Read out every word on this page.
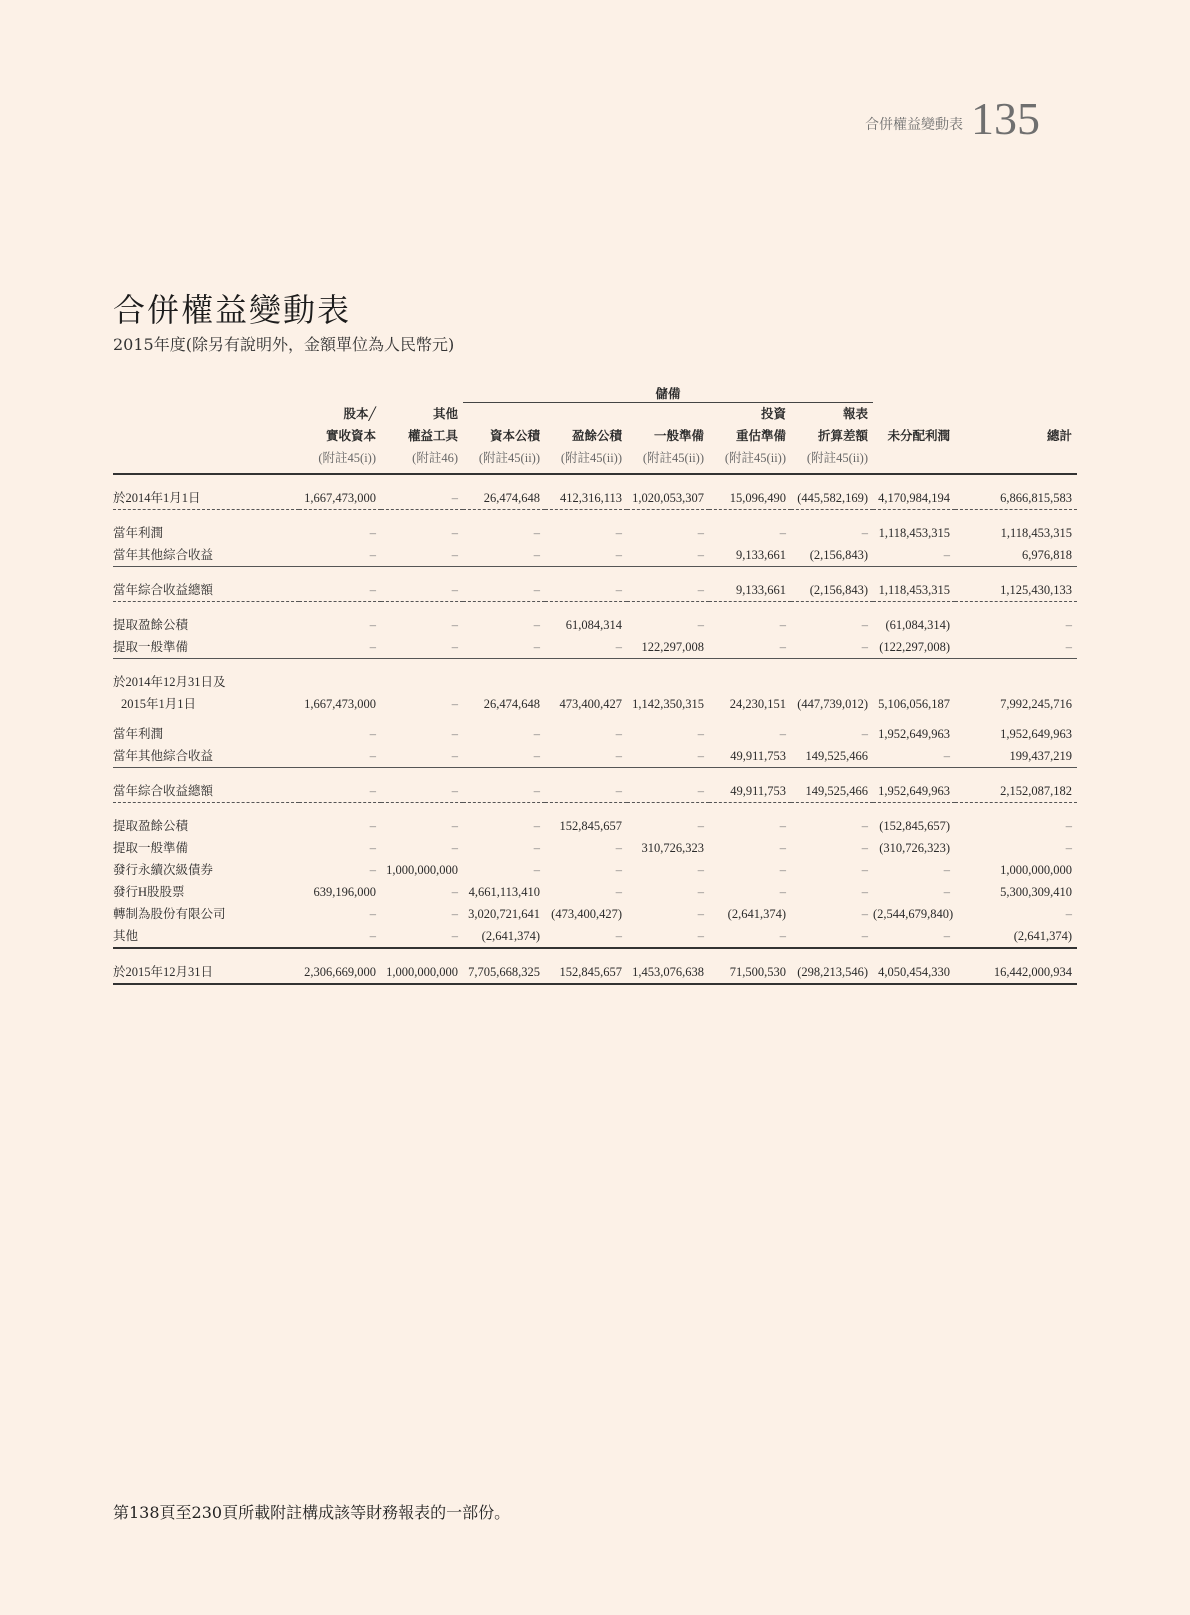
合併權益變動表 135
合併權益變動表
2015年度(除另有說明外，金額單位為人民幣元)
			儲備						
	股本╱	其他				投資	報表		
	實收資本	權益工具	資本公積	盈餘公積	一般準備	重估準備	折算差額	未分配利潤	總計
	(附註45(i))	(附註46)	(附註45(ii))	(附註45(ii))	(附註45(ii))	(附註45(ii))	(附註45(ii))		

於2014年1月1日	1,667,473,000	–	26,474,648	412,316,113	1,020,053,307	15,096,490	(445,582,169)	4,170,984,194	6,866,815,583

當年利潤	–	–	–	–	–	–	–	1,118,453,315	1,118,453,315
當年其他綜合收益	–	–	–	–	–	9,133,661	(2,156,843)	–	6,976,818

當年綜合收益總額	–	–	–	–	–	9,133,661	(2,156,843)	1,118,453,315	1,125,430,133

提取盈餘公積	–	–	–	61,084,314	–	–	–	(61,084,314)	–
提取一般準備	–	–	–	–	122,297,008	–	–	(122,297,008)	–

於2014年12月31日及									
2015年1月1日	1,667,473,000	–	26,474,648	473,400,427	1,142,350,315	24,230,151	(447,739,012)	5,106,056,187	7,992,245,716

當年利潤	–	–	–	–	–	–	–	1,952,649,963	1,952,649,963
當年其他綜合收益	–	–	–	–	–	49,911,753	149,525,466	–	199,437,219

當年綜合收益總額	–	–	–	–	–	49,911,753	149,525,466	1,952,649,963	2,152,087,182

提取盈餘公積	–	–	–	152,845,657	–	–	–	(152,845,657)	–
提取一般準備	–	–	–	–	310,726,323	–	–	(310,726,323)	–
發行永續次級債券	–	1,000,000,000	–	–	–	–	–	–	1,000,000,000
發行H股股票	639,196,000	–	4,661,113,410	–	–	–	–	–	5,300,309,410
轉制為股份有限公司	–	–	3,020,721,641	(473,400,427)	–	(2,641,374)	–	(2,544,679,840)	–
其他	–	–	(2,641,374)	–	–	–	–	–	(2,641,374)

於2015年12月31日	2,306,669,000	1,000,000,000	7,705,668,325	152,845,657	1,453,076,638	71,500,530	(298,213,546)	4,050,454,330	16,442,000,934
第138頁至230頁所載附註構成該等財務報表的一部份。
